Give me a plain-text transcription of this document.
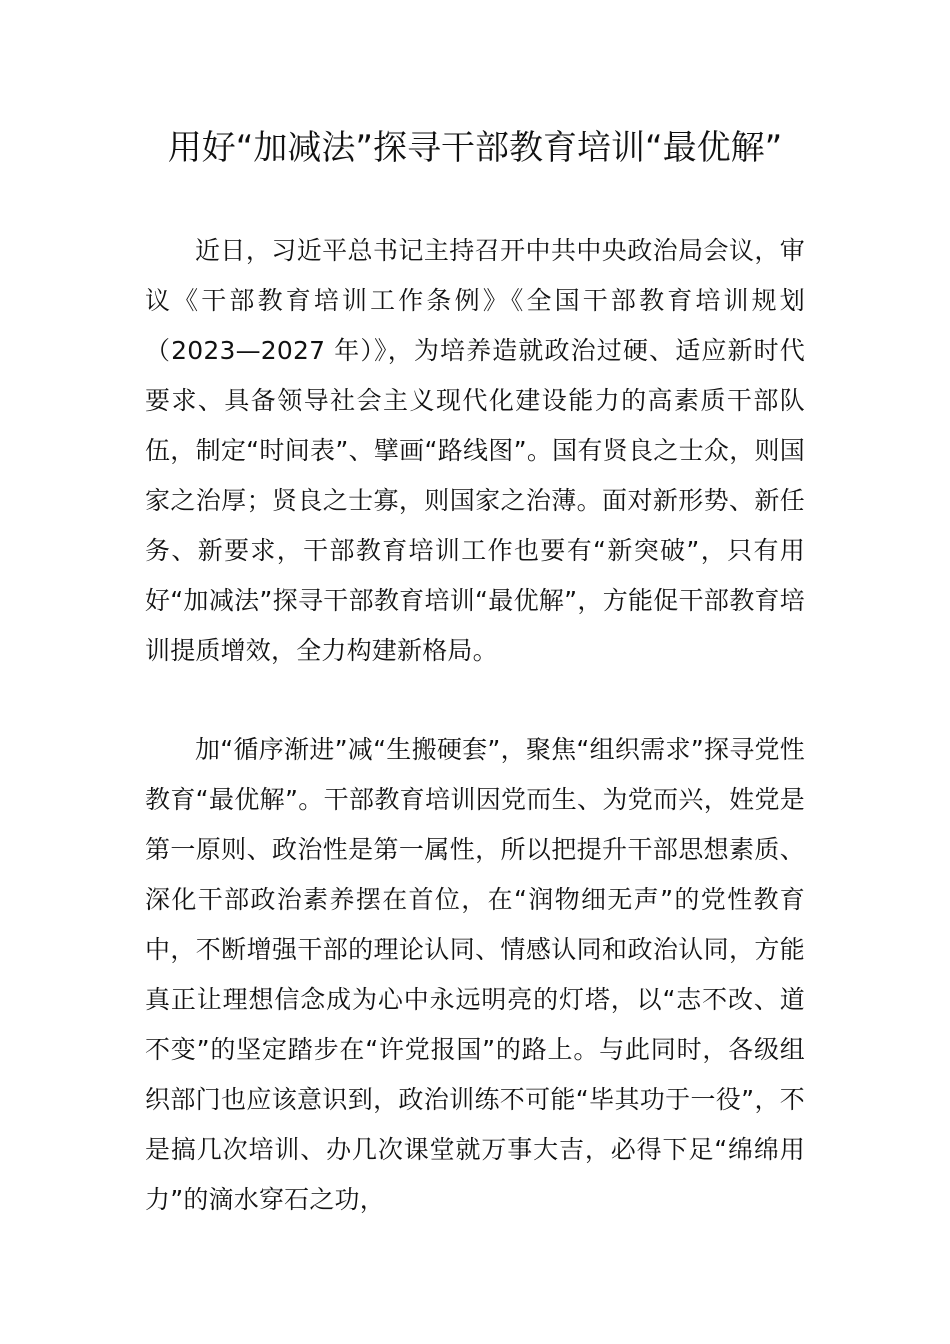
用好“加减法”探寻干部教育培训“最优解”

近日，习近平总书记主持召开中共中央政治局会议，审议《干部教育培训工作条例》《全国干部教育培训规划（2023—2027 年）》，为培养造就政治过硬、适应新时代要求、具备领导社会主义现代化建设能力的高素质干部队伍，制定“时间表”、擘画“路线图”。国有贤良之士众，则国家之治厚；贤良之士寡，则国家之治薄。面对新形势、新任务、新要求，干部教育培训工作也要有“新突破”，只有用好“加减法”探寻干部教育培训“最优解”，方能促干部教育培训提质增效，全力构建新格局。

加“循序渐进”减“生搬硬套”，聚焦“组织需求”探寻党性教育“最优解”。干部教育培训因党而生、为党而兴，姓党是第一原则、政治性是第一属性，所以把提升干部思想素质、深化干部政治素养摆在首位，在“润物细无声”的党性教育中，不断增强干部的理论认同、情感认同和政治认同，方能真正让理想信念成为心中永远明亮的灯塔，以“志不改、道不变”的坚定踏步在“许党报国”的路上。与此同时，各级组织部门也应该意识到，政治训练不可能“毕其功于一役”，不是搞几次培训、办几次课堂就万事大吉，必得下足“绵绵用力”的滴水穿石之功，
